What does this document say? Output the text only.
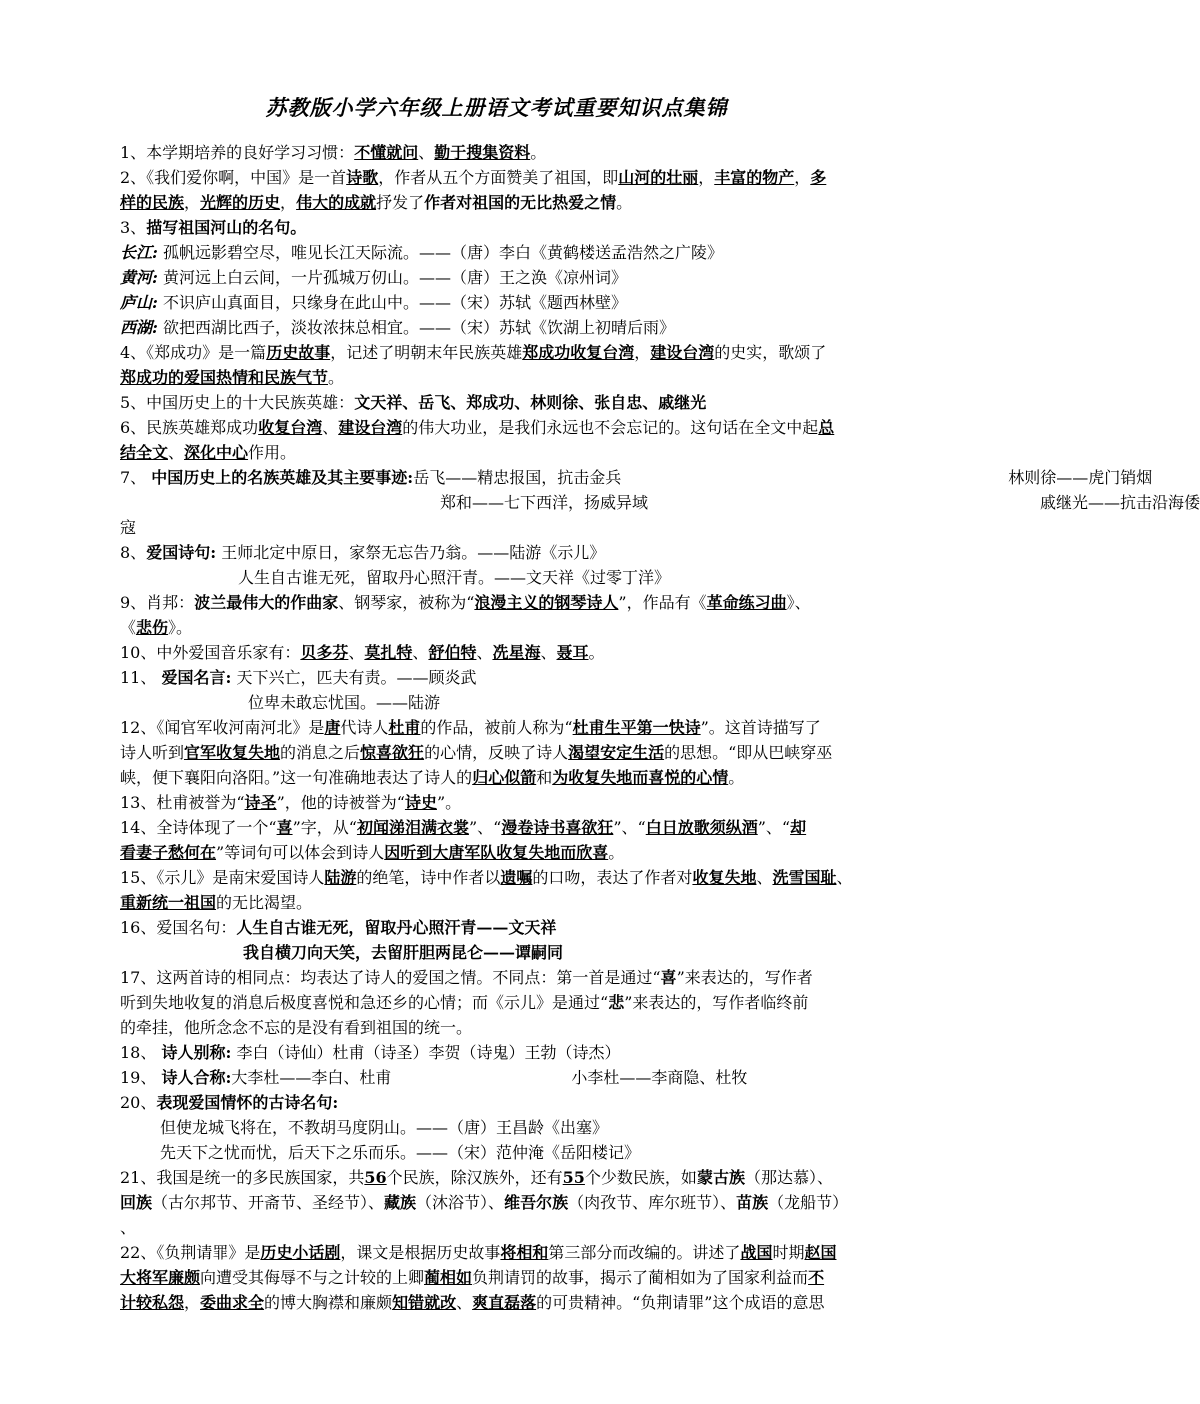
苏教版小学六年级上册语文考试重要知识点集锦
1、本学期培养的良好学习习惯：不懂就问、勤于搜集资料。
2、《我们爱你啊，中国》是一首诗歌，作者从五个方面赞美了祖国，即山河的壮丽，丰富的物产，多
样的民族，光辉的历史，伟大的成就抒发了作者对祖国的无比热爱之情。
3、描写祖国河山的名句。
长江: 孤帆远影碧空尽，唯见长江天际流。——（唐）李白《黄鹤楼送孟浩然之广陵》
黄河: 黄河远上白云间，一片孤城万仞山。——（唐）王之涣《凉州词》
庐山: 不识庐山真面目，只缘身在此山中。——（宋）苏轼《题西林壁》
西湖: 欲把西湖比西子，淡妆浓抹总相宜。——（宋）苏轼《饮湖上初晴后雨》
4、《郑成功》是一篇历史故事，记述了明朝末年民族英雄郑成功收复台湾，建设台湾的史实，歌颂了
郑成功的爱国热情和民族气节。
5、中国历史上的十大民族英雄：文天祥、岳飞、郑成功、林则徐、张自忠、戚继光
6、民族英雄郑成功收复台湾、建设台湾的伟大功业，是我们永远也不会忘记的。这句话在全文中起总
结全文、深化中心作用。
7、 中国历史上的名族英雄及其主要事迹:岳飞——精忠报国，抗击金兵	林则徐——虎门销烟
郑和——七下西洋，扬威异域	戚继光——抗击沿海倭
寇
8、爱国诗句: 王师北定中原日，家祭无忘告乃翁。——陆游《示儿》
人生自古谁无死，留取丹心照汗青。——文天祥《过零丁洋》
9、肖邦：波兰最伟大的作曲家、钢琴家，被称为“浪漫主义的钢琴诗人”，作品有《革命练习曲》、
《悲伤》。
10、中外爱国音乐家有：贝多芬、莫扎特、舒伯特、冼星海、聂耳。
11、 爱国名言: 天下兴亡，匹夫有责。——顾炎武
位卑未敢忘忧国。——陆游
12、《闻官军收河南河北》是唐代诗人杜甫的作品，被前人称为“杜甫生平第一快诗”。这首诗描写了
诗人听到官军收复失地的消息之后惊喜欲狂的心情，反映了诗人渴望安定生活的思想。“即从巴峡穿巫
峡，便下襄阳向洛阳。”这一句准确地表达了诗人的归心似箭和为收复失地而喜悦的心情。
13、杜甫被誉为“诗圣”，他的诗被誉为“诗史”。
14、全诗体现了一个“喜”字，从“初闻涕泪满衣裳”、“漫卷诗书喜欲狂”、“白日放歌须纵酒”、“却
看妻子愁何在”等词句可以体会到诗人因听到大唐军队收复失地而欣喜。
15、《示儿》是南宋爱国诗人陆游的绝笔，诗中作者以遗嘱的口吻，表达了作者对收复失地、洗雪国耻、
重新统一祖国的无比渴望。
16、爱国名句：人生自古谁无死，留取丹心照汗青——文天祥
我自横刀向天笑，去留肝胆两昆仑——谭嗣同
17、这两首诗的相同点：均表达了诗人的爱国之情。不同点：第一首是通过“喜”来表达的，写作者
听到失地收复的消息后极度喜悦和急还乡的心情；而《示儿》是通过“悲”来表达的，写作者临终前
的牵挂，他所念念不忘的是没有看到祖国的统一。
18、 诗人别称: 李白（诗仙）杜甫（诗圣）李贺（诗鬼）王勃（诗杰）
19、 诗人合称:大李杜——李白、杜甫	小李杜——李商隐、杜牧
20、表现爱国情怀的古诗名句:
但使龙城飞将在，不教胡马度阴山。——（唐）王昌龄《出塞》
先天下之忧而忧，后天下之乐而乐。——（宋）范仲淹《岳阳楼记》
21、我国是统一的多民族国家，共56个民族，除汉族外，还有55个少数民族，如蒙古族（那达慕）、
回族（古尔邦节、开斋节、圣经节）、藏族（沐浴节）、维吾尔族（肉孜节、库尔班节）、苗族（龙船节）
、
22、《负荆请罪》是历史小话剧，课文是根据历史故事将相和第三部分而改编的。讲述了战国时期赵国
大将军廉颇向遭受其侮辱不与之计较的上卿蔺相如负荆请罚的故事，揭示了蔺相如为了国家利益而不
计较私怨，委曲求全的博大胸襟和廉颇知错就改、爽直磊落的可贵精神。“负荆请罪”这个成语的意思
